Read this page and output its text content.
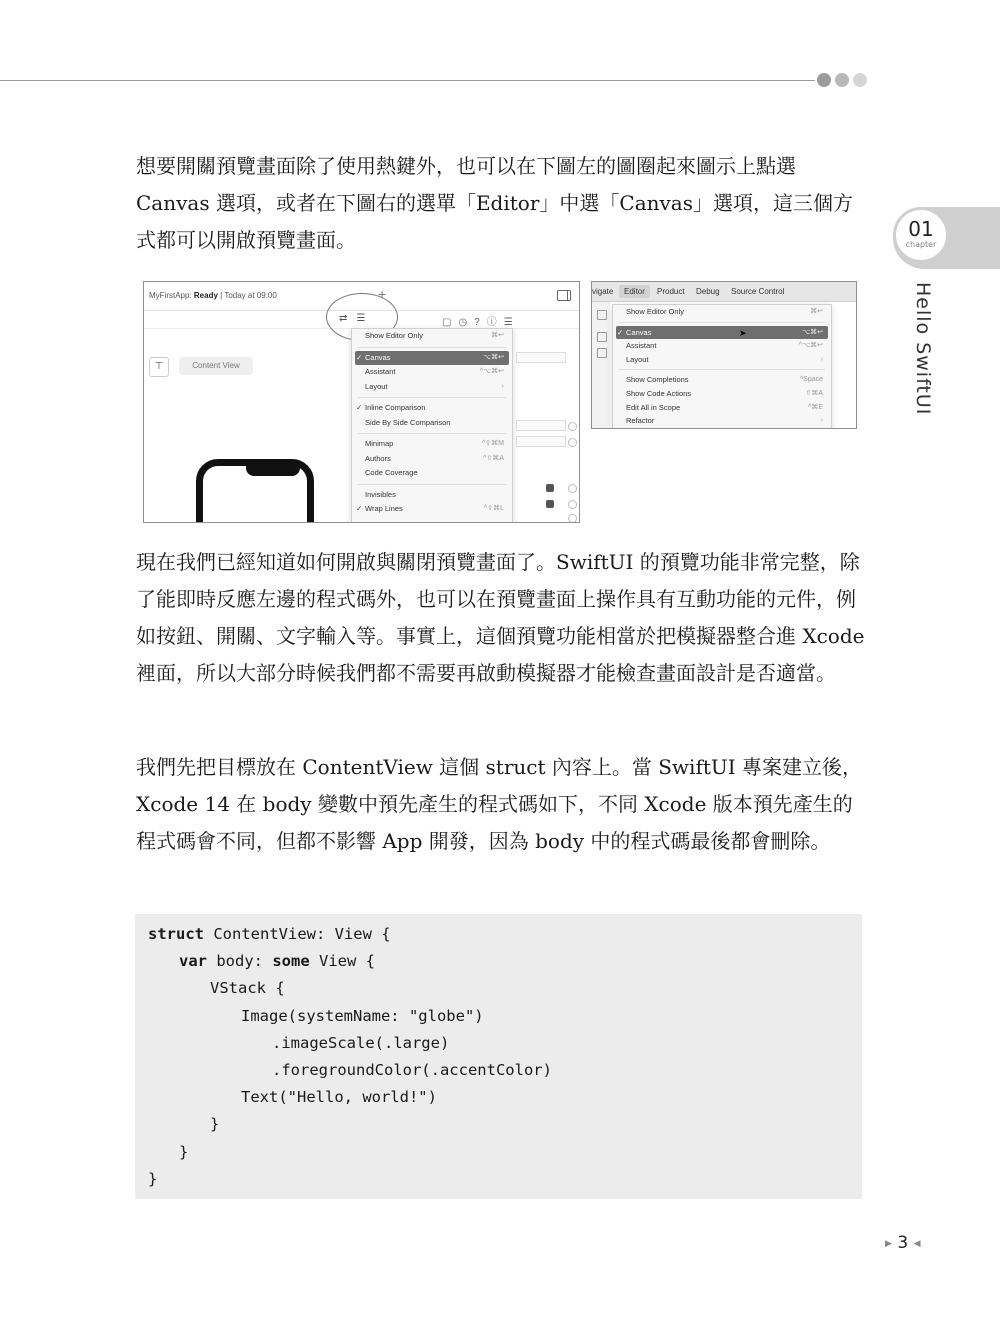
01
chapter
Hello SwiftUI

想要開關預覽畫面除了使用熱鍵外，也可以在下圖左的圖圈起來圖示上點選 Canvas 選項，或者在下圖右的選單「Editor」中選「Canvas」選項，這三個方式都可以開啟預覽畫面。

MyFirstApp: Ready | Today at 09:00	+
⇄☰	▢◷?ⓘ☰
⊤	Content View
Show Editor Only	⌘↩
✓ Canvas	⌥⌘↩
Assistant	^⌥⌘↩
Layout	›
✓ Inline Comparison
Side By Side Comparison
Minimap	^⇧⌘M
Authors	^⇧⌘A
Code Coverage
Invisibles
✓ Wrap Lines	^⇧⌘L
vigate	Editor	Product Debug Source Control
Show Editor Only	⌘↩
✓ Canvas	⌥⌘↩
Assistant	^⌥⌘↩
Layout	›
Show Completions	^Space
Show Code Actions	⇧⌘A
Edit All in Scope	^⌘E
Refactor	›
➤

現在我們已經知道如何開啟與關閉預覽畫面了。SwiftUI 的預覽功能非常完整，除了能即時反應左邊的程式碼外，也可以在預覽畫面上操作具有互動功能的元件，例如按鈕、開關、文字輸入等。事實上，這個預覽功能相當於把模擬器整合進 Xcode 裡面，所以大部分時候我們都不需要再啟動模擬器才能檢查畫面設計是否適當。

我們先把目標放在 ContentView 這個 struct 內容上。當 SwiftUI 專案建立後，Xcode 14 在 body 變數中預先產生的程式碼如下，不同 Xcode 版本預先產生的程式碼會不同，但都不影響 App 開發，因為 body 中的程式碼最後都會刪除。

struct ContentView: View {
var body: some View {
VStack {
Image(systemName: "globe")
.imageScale(.large)
.foregroundColor(.accentColor)
Text("Hello, world!")
}
}
}
▶ 3 ◀
